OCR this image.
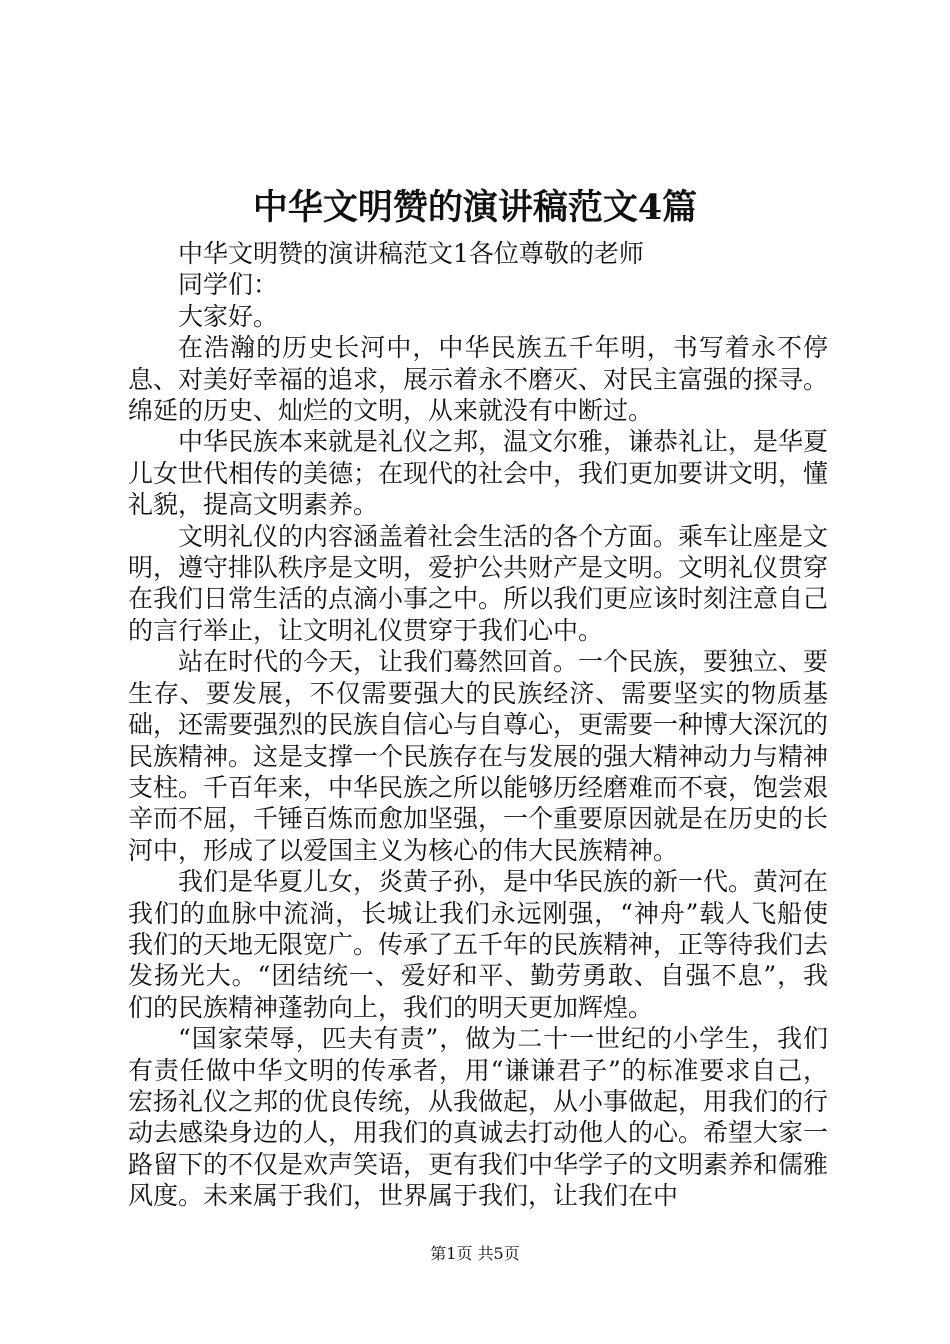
中华文明赞的演讲稿范文4篇

中华文明赞的演讲稿范文1各位尊敬的老师

同学们：

大家好。

在浩瀚的历史长河中，中华民族五千年明，书写着永不停息、对美好幸福的追求，展示着永不磨灭、对民主富强的探寻。绵延的历史、灿烂的文明，从来就没有中断过。

中华民族本来就是礼仪之邦，温文尔雅，谦恭礼让，是华夏儿女世代相传的美德；在现代的社会中，我们更加要讲文明，懂礼貌，提高文明素养。

文明礼仪的内容涵盖着社会生活的各个方面。乘车让座是文明，遵守排队秩序是文明，爱护公共财产是文明。文明礼仪贯穿在我们日常生活的点滴小事之中。所以我们更应该时刻注意自己的言行举止，让文明礼仪贯穿于我们心中。

站在时代的今天，让我们蓦然回首。一个民族，要独立、要生存、要发展，不仅需要强大的民族经济、需要坚实的物质基础，还需要强烈的民族自信心与自尊心，更需要一种博大深沉的民族精神。这是支撑一个民族存在与发展的强大精神动力与精神支柱。千百年来，中华民族之所以能够历经磨难而不衰，饱尝艰辛而不屈，千锤百炼而愈加坚强，一个重要原因就是在历史的长河中，形成了以爱国主义为核心的伟大民族精神。

我们是华夏儿女，炎黄子孙，是中华民族的新一代。黄河在我们的血脉中流淌，长城让我们永远刚强，“神舟”载人飞船使我们的天地无限宽广。传承了五千年的民族精神，正等待我们去发扬光大。“团结统一、爱好和平、勤劳勇敢、自强不息”，我们的民族精神蓬勃向上，我们的明天更加辉煌。

“国家荣辱，匹夫有责”，做为二十一世纪的小学生，我们有责任做中华文明的传承者，用“谦谦君子”的标准要求自己，宏扬礼仪之邦的优良传统，从我做起，从小事做起，用我们的行动去感染身边的人，用我们的真诚去打动他人的心。希望大家一路留下的不仅是欢声笑语，更有我们中华学子的文明素养和儒雅风度。未来属于我们，世界属于我们，让我们在中

第1页 共5页
